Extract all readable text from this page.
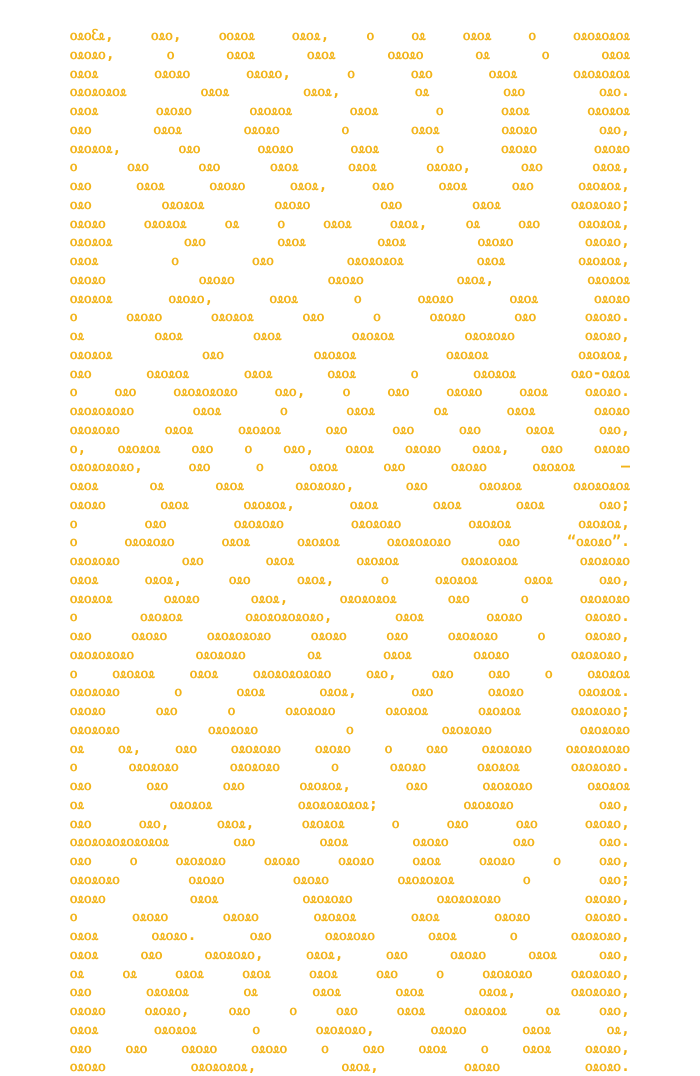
ᦞᦸᦞᦷᦸ, ᦞᦸᦞ, ᦞᦞᦸᦞᦸ ᦞᦸᦞᦸ, ᦞ ᦞᦸ ᦞᦸᦞᦸ ᦞ ᦞᦸᦞᦸᦞᦸᦞᦸ
ᦞᦸᦞᦸᦞ, ᦞ ᦞᦸᦞᦸ ᦞᦸᦞᦸ ᦞᦸᦞᦸᦞ ᦞᦸ ᦞ ᦞᦸᦞᦸ
ᦞᦸᦞᦸ ᦞᦸᦞᦸᦞ ᦞᦸᦞᦸᦞ, ᦞ ᦞᦸᦞ ᦞᦸᦞᦸ ᦞᦸᦞᦸᦞᦸᦞᦸ
ᦞᦸᦞᦸᦞᦸᦞᦸ ᦞᦸᦞᦸ ᦞᦸᦞᦸ, ᦞᦸ ᦞᦸᦞ ᦞᦸᦞ.
ᦞᦸᦞᦸ ᦞᦸᦞᦸᦞ ᦞᦸᦞᦸᦞᦸ ᦞᦸᦞᦸ ᦞ ᦞᦸᦞᦸ ᦞᦸᦞᦸᦞᦸ
ᦞᦸᦞ ᦞᦸᦞᦸ ᦞᦸᦞᦸᦞ ᦞ ᦞᦸᦞᦸ ᦞᦸᦞᦸᦞ ᦞᦸᦞ,
ᦞᦸᦞᦸᦞᦸ, ᦞᦸᦞ ᦞᦸᦞᦸᦞ ᦞᦸᦞᦸ ᦞ ᦞᦸᦞᦸᦞ ᦞᦸᦞᦸᦞ
ᦞ ᦞᦸᦞ ᦞᦸᦞ ᦞᦸᦞᦸ ᦞᦸᦞᦸ ᦞᦸᦞᦸᦞ, ᦞᦸᦞ ᦞᦸᦞᦸ,
ᦞᦸᦞ ᦞᦸᦞᦸ ᦞᦸᦞᦸᦞ ᦞᦸᦞᦸ, ᦞᦸᦞ ᦞᦸᦞᦸ ᦞᦸᦞ ᦞᦸᦞᦸᦞᦸ,
ᦞᦸᦞ ᦞᦸᦞᦸᦞᦸ ᦞᦸᦞᦸᦞ ᦞᦸᦞ ᦞᦸᦞᦸ ᦞᦸᦞᦸᦞᦸᦞ;
ᦞᦸᦞᦸᦞ ᦞᦸᦞᦸᦞᦸ ᦞᦸ ᦞ ᦞᦸᦞᦸ ᦞᦸᦞᦸ, ᦞᦸ ᦞᦸᦞ ᦞᦸᦞᦸᦞᦸ,
ᦞᦸᦞᦸᦞᦸ ᦞᦸᦞ ᦞᦸᦞᦸ ᦞᦸᦞᦸ ᦞᦸᦞᦸᦞ ᦞᦸᦞᦸᦞ,
ᦞᦸᦞᦸ ᦞ ᦞᦸᦞ ᦞᦸᦞᦸᦞᦸᦞᦸ ᦞᦸᦞᦸ ᦞᦸᦞᦸᦞᦸ,
ᦞᦸᦞᦸᦞ ᦞᦸᦞᦸᦞ ᦞᦸᦞᦸᦞ ᦞᦸᦞᦸ, ᦞᦸᦞᦸᦞᦸ
ᦞᦸᦞᦸᦞᦸ ᦞᦸᦞᦸᦞ, ᦞᦸᦞᦸ ᦞ ᦞᦸᦞᦸᦞ ᦞᦸᦞᦸ ᦞᦸᦞᦸᦞ
ᦞ ᦞᦸᦞᦸᦞ ᦞᦸᦞᦸᦞᦸ ᦞᦸᦞ ᦞ ᦞᦸᦞᦸᦞ ᦞᦸᦞ ᦞᦸᦞᦸᦞ.
ᦞᦸ ᦞᦸᦞᦸ ᦞᦸᦞᦸ ᦞᦸᦞᦸᦞᦸ ᦞᦸᦞᦸᦞᦸᦞ ᦞᦸᦞᦸᦞ,
ᦞᦸᦞᦸᦞᦸ ᦞᦸᦞ ᦞᦸᦞᦸᦞᦸ ᦞᦸᦞᦸᦞᦸ ᦞᦸᦞᦸᦞᦸ,
ᦞᦸᦞ ᦞᦸᦞᦸᦞᦸ ᦞᦸᦞᦸ ᦞᦸᦞᦸ ᦞ ᦞᦸᦞᦸᦞᦸ ᦞᦸᦞ-ᦞᦸᦞᦸ
ᦞ ᦞᦸᦞ ᦞᦸᦞᦸᦞᦸᦞᦸᦞ ᦞᦸᦞ, ᦞ ᦞᦸᦞ ᦞᦸᦞᦸᦞ ᦞᦸᦞᦸ ᦞᦸᦞᦸᦞ.
ᦞᦸᦞᦸᦞᦸᦞᦸᦞ ᦞᦸᦞᦸ ᦞ ᦞᦸᦞᦸ ᦞᦸ ᦞᦸᦞᦸ ᦞᦸᦞᦸᦞ
ᦞᦸᦞᦸᦞᦸᦞ ᦞᦸᦞᦸ ᦞᦸᦞᦸᦞᦸ ᦞᦸᦞ ᦞᦸᦞ ᦞᦸᦞ ᦞᦸᦞᦸ ᦞᦸᦞ,
ᦞ, ᦞᦸᦞᦸᦞᦸ ᦞᦸᦞ ᦞ ᦞᦸᦞ, ᦞᦸᦞᦸ ᦞᦸᦞᦸᦞ ᦞᦸᦞᦸ, ᦞᦸᦞ ᦞᦸᦞᦸᦞ
ᦞᦸᦞᦸᦞᦸᦞᦸᦞ, ᦞᦸᦞ ᦞ ᦞᦸᦞᦸ ᦞᦸᦞ ᦞᦸᦞᦸᦞ ᦞᦸᦞᦸᦞᦸ –
ᦞᦸᦞᦸ ᦞᦸ ᦞᦸᦞᦸ ᦞᦸᦞᦸᦞᦸᦞ, ᦞᦸᦞ ᦞᦸᦞᦸᦞᦸ ᦞᦸᦞᦸᦞᦸᦞᦸ
ᦞᦸᦞᦸᦞ ᦞᦸᦞᦸ ᦞᦸᦞᦸᦞᦸ, ᦞᦸᦞᦸ ᦞᦸᦞᦸ ᦞᦸᦞᦸ ᦞᦸᦞ;
ᦞ ᦞᦸᦞ ᦞᦸᦞᦸᦞᦸᦞ ᦞᦸᦞᦸᦞᦸᦞ ᦞᦸᦞᦸᦞᦸ ᦞᦸᦞᦸᦞᦸ,
ᦞ ᦞᦸᦞᦸᦞᦸᦞ ᦞᦸᦞᦸ ᦞᦸᦞᦸᦞᦸ ᦞᦸᦞᦸᦞᦸᦞᦸᦞ ᦞᦸᦞ “ᦞᦸᦞᦸᦞ”.
ᦞᦸᦞᦸᦞᦸᦞ ᦞᦸᦞ ᦞᦸᦞᦸ ᦞᦸᦞᦸᦞᦸ ᦞᦸᦞᦸᦞᦸᦞᦸ ᦞᦸᦞᦸᦞᦸᦞ
ᦞᦸᦞᦸ ᦞᦸᦞᦸ, ᦞᦸᦞ ᦞᦸᦞᦸ, ᦞ ᦞᦸᦞᦸᦞᦸ ᦞᦸᦞᦸ ᦞᦸᦞ,
ᦞᦸᦞᦸᦞᦸ ᦞᦸᦞᦸᦞ ᦞᦸᦞᦸ, ᦞᦸᦞᦸᦞᦸᦞᦸ ᦞᦸᦞ ᦞ ᦞᦸᦞᦸᦞᦸᦞ
ᦞ ᦞᦸᦞᦸᦞᦸ ᦞᦸᦞᦸᦞᦸᦞᦸᦞᦸᦞ, ᦞᦸᦞᦸ ᦞᦸᦞᦸᦞ ᦞᦸᦞᦸᦞ.
ᦞᦸᦞ ᦞᦸᦞᦸᦞ ᦞᦸᦞᦸᦞᦸᦞᦸᦞ ᦞᦸᦞᦸᦞ ᦞᦸᦞ ᦞᦸᦞᦸᦞᦸᦞ ᦞ ᦞᦸᦞᦸᦞ,
ᦞᦸᦞᦸᦞᦸᦞᦸᦞ ᦞᦸᦞᦸᦞᦸᦞ ᦞᦸ ᦞᦸᦞᦸ ᦞᦸᦞᦸᦞ ᦞᦸᦞᦸᦞᦸᦞ,
ᦞ ᦞᦸᦞᦸᦞᦸ ᦞᦸᦞᦸ ᦞᦸᦞᦸᦞᦸᦞᦸᦞᦸᦞ ᦞᦸᦞ, ᦞᦸᦞ ᦞᦸᦞ ᦞ ᦞᦸᦞᦸᦞᦸ
ᦞᦸᦞᦸᦞᦸᦞ ᦞ ᦞᦸᦞᦸ ᦞᦸᦞᦸ, ᦞᦸᦞ ᦞᦸᦞᦸᦞ ᦞᦸᦞᦸᦞᦸ.
ᦞᦸᦞᦸᦞ ᦞᦸᦞ ᦞ ᦞᦸᦞᦸᦞᦸᦞ ᦞᦸᦞᦸᦞᦸ ᦞᦸᦞᦸᦞᦸ ᦞᦸᦞᦸᦞᦸᦞ;
ᦞᦸᦞᦸᦞᦸᦞ ᦞᦸᦞᦸᦞᦸᦞ ᦞ ᦞᦸᦞᦸᦞᦸᦞ ᦞᦸᦞᦸᦞᦸᦞ
ᦞᦸ ᦞᦸ, ᦞᦸᦞ ᦞᦸᦞᦸᦞᦸᦞ ᦞᦸᦞᦸᦞ ᦞ ᦞᦸᦞ ᦞᦸᦞᦸᦞᦸᦞ ᦞᦸᦞᦸᦞᦸᦞᦸᦞ
ᦞ ᦞᦸᦞᦸᦞᦸᦞ ᦞᦸᦞᦸᦞᦸᦞ ᦞ ᦞᦸᦞᦸᦞ ᦞᦸᦞᦸᦞᦸ ᦞᦸᦞᦸᦞᦸᦞ.
ᦞᦸᦞ ᦞᦸᦞ ᦞᦸᦞ ᦞᦸᦞᦸᦞᦸ, ᦞᦸᦞ ᦞᦸᦞᦸᦞᦸᦞ ᦞᦸᦞᦸᦞᦸ
ᦞᦸ ᦞᦸᦞᦸᦞᦸ ᦞᦸᦞᦸᦞᦸᦞᦸᦞᦸ; ᦞᦸᦞᦸᦞᦸᦞ ᦞᦸᦞ,
ᦞᦸᦞ ᦞᦸᦞ, ᦞᦸᦞᦸ, ᦞᦸᦞᦸᦞᦸ ᦞ ᦞᦸᦞ ᦞᦸᦞ ᦞᦸᦞᦸᦞ,
ᦞᦸᦞᦸᦞᦸᦞᦸᦞᦸᦞᦸᦞᦸ ᦞᦸᦞ ᦞᦸᦞᦸ ᦞᦸᦞᦸᦞ ᦞᦸᦞ ᦞᦸᦞ.
ᦞᦸᦞ ᦞ ᦞᦸᦞᦸᦞᦸᦞ ᦞᦸᦞᦸᦞ ᦞᦸᦞᦸᦞ ᦞᦸᦞᦸ ᦞᦸᦞᦸᦞ ᦞ ᦞᦸᦞ,
ᦞᦸᦞᦸᦞᦸᦞ ᦞᦸᦞᦸᦞ ᦞᦸᦞᦸᦞ ᦞᦸᦞᦸᦞᦸᦞᦸ ᦞ ᦞᦸᦞ;
ᦞᦸᦞᦸᦞ ᦞᦸᦞᦸ ᦞᦸᦞᦸᦞᦸᦞ ᦞᦸᦞᦸᦞᦸᦞᦸᦞ ᦞᦸᦞᦸᦞ,
ᦞ ᦞᦸᦞᦸᦞ ᦞᦸᦞᦸᦞ ᦞᦸᦞᦸᦞᦸ ᦞᦸᦞᦸ ᦞᦸᦞᦸᦞ ᦞᦸᦞᦸᦞ.
ᦞᦸᦞᦸ ᦞᦸᦞᦸᦞ. ᦞᦸᦞ ᦞᦸᦞᦸᦞᦸᦞ ᦞᦸᦞᦸ ᦞ ᦞᦸᦞᦸᦞᦸᦞ,
ᦞᦸᦞᦸ ᦞᦸᦞ ᦞᦸᦞᦸᦞᦸᦞ, ᦞᦸᦞᦸ, ᦞᦸᦞ ᦞᦸᦞᦸᦞ ᦞᦸᦞᦸ ᦞᦸᦞ,
ᦞᦸ ᦞᦸ ᦞᦸᦞᦸ ᦞᦸᦞᦸ ᦞᦸᦞᦸ ᦞᦸᦞ ᦞ ᦞᦸᦞᦸᦞᦸᦞ ᦞᦸᦞᦸᦞᦸᦞ,
ᦞᦸᦞ ᦞᦸᦞᦸᦞᦸ ᦞᦸ ᦞᦸᦞᦸ ᦞᦸᦞᦸ ᦞᦸᦞᦸ, ᦞᦸᦞᦸᦞᦸᦞ,
ᦞᦸᦞᦸᦞ ᦞᦸᦞᦸᦞ, ᦞᦸᦞ ᦞ ᦞᦸᦞ ᦞᦸᦞᦸ ᦞᦸᦞᦸᦞᦸ ᦞᦸ ᦞᦸᦞ,
ᦞᦸᦞᦸ ᦞᦸᦞᦸᦞᦸ ᦞ ᦞᦸᦞᦸᦞᦸᦞ, ᦞᦸᦞᦸᦞ ᦞᦸᦞᦸ ᦞᦸ,
ᦞᦸᦞ ᦞᦸᦞ ᦞᦸᦞᦸᦞ ᦞᦸᦞᦸᦞ ᦞ ᦞᦸᦞ ᦞᦸᦞᦸ ᦞ ᦞᦸᦞᦸ ᦞᦸᦞᦸᦞ,
ᦞᦸᦞᦸᦞ ᦞᦸᦞᦸᦞᦸᦞᦸ, ᦞᦸᦞᦸ, ᦞᦸᦞᦸᦞ ᦞᦸᦞᦸᦞ.
